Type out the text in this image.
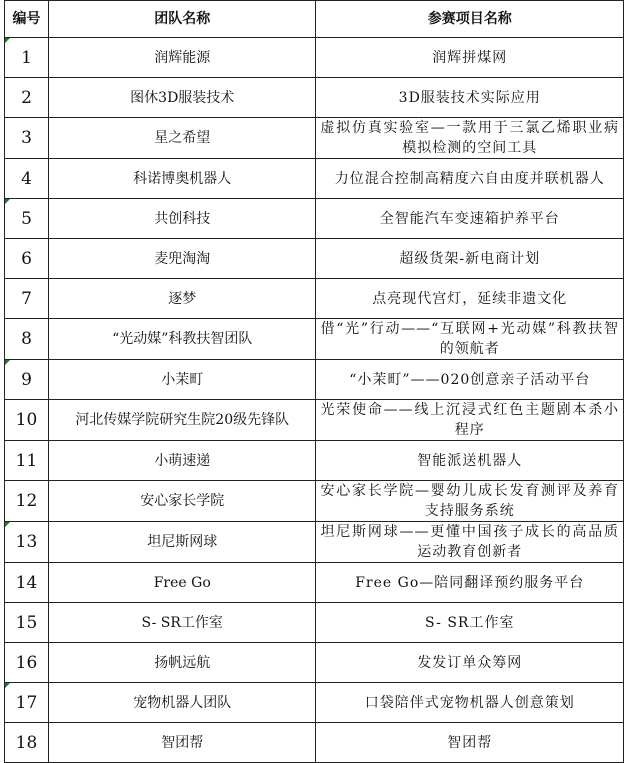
编号	团队名称	参赛项目名称
1	润辉能源	润辉拼煤网
2	图休3D服装技术	3D服装技术实际应用
3	星之希望	虚拟仿真实验室—一款用于三氯乙烯职业病模拟检测的空间工具
4	科诺博奥机器人	力位混合控制高精度六自由度并联机器人
5	共创科技	全智能汽车变速箱护养平台
6	麦兜淘淘	超级货架-新电商计划
7	逐梦	点亮现代宫灯，延续非遗文化
8	“光动媒”科教扶智团队	借“光”行动——“互联网+光动媒”科教扶智的领航者
9	小茉町	“小茉町”——020创意亲子活动平台
10	河北传媒学院研究生院20级先锋队	光荣使命——线上沉浸式红色主题剧本杀小程序
11	小萌速递	智能派送机器人
12	安心家长学院	安心家长学院—婴幼儿成长发育测评及养育支持服务系统
13	坦尼斯网球	坦尼斯网球——更懂中国孩子成长的高品质运动教育创新者
14	Free Go	Free Go—陪同翻译预约服务平台
15	S- SR工作室	S- SR工作室
16	扬帆远航	发发订单众筹网
17	宠物机器人团队	口袋陪伴式宠物机器人创意策划
18	智团帮	智团帮
